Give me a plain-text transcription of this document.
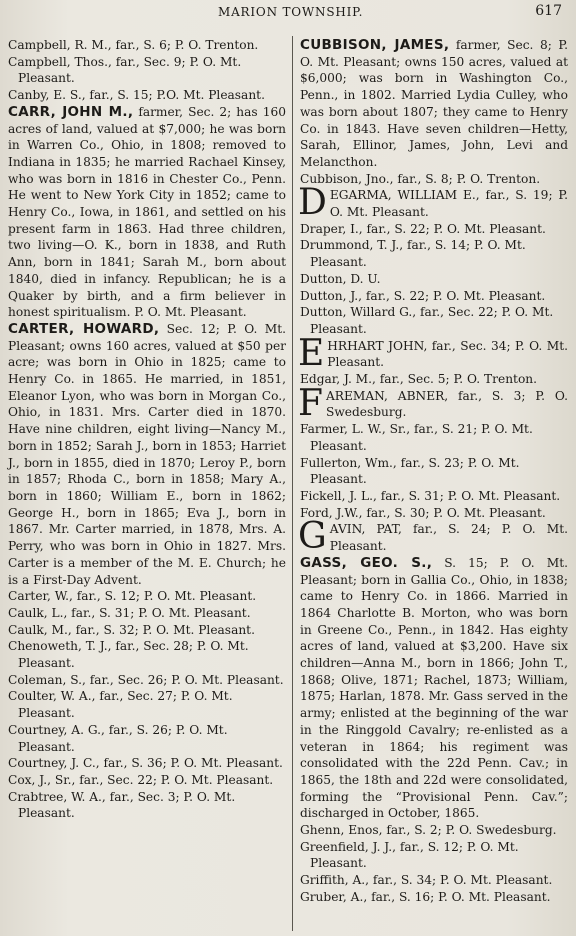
MARION TOWNSHIP.	617
Campbell, R. M., far., S. 6; P. O. Trenton.
Campbell, Thos., far., Sec. 9; P. O. Mt. Pleasant.
Canby, E. S., far., S. 15; P.O. Mt. Pleasant.
CARR, JOHN M., farmer, Sec. 2; has 160 acres of land, valued at $7,000; he was born in Warren Co., Ohio, in 1808; removed to Indiana in 1835; he married Rachael Kinsey, who was born in 1816 in Chester Co., Penn. He went to New York City in 1852; came to Henry Co., Iowa, in 1861, and settled on his present farm in 1863. Had three children, two living—O. K., born in 1838, and Ruth Ann, born in 1841; Sarah M., born about 1840, died in infancy. Republican; he is a Quaker by birth, and a firm believer in honest spiritualism. P. O. Mt. Pleasant.
CARTER, HOWARD, Sec. 12; P. O. Mt. Pleasant; owns 160 acres, valued at $50 per acre; was born in Ohio in 1825; came to Henry Co. in 1865. He married, in 1851, Eleanor Lyon, who was born in Morgan Co., Ohio, in 1831. Mrs. Carter died in 1870. Have nine children, eight living—Nancy M., born in 1852; Sarah J., born in 1853; Harriet J., born in 1855, died in 1870; Leroy P., born in 1857; Rhoda C., born in 1858; Mary A., born in 1860; William E., born in 1862; George H., born in 1865; Eva J., born in 1867. Mr. Carter married, in 1878, Mrs. A. Perry, who was born in Ohio in 1827. Mrs. Carter is a member of the M. E. Church; he is a First-Day Advent.
Carter, W., far., S. 12; P. O. Mt. Pleasant.
Caulk, L., far., S. 31; P. O. Mt. Pleasant.
Caulk, M., far., S. 32; P. O. Mt. Pleasant.
Chenoweth, T. J., far., Sec. 28; P. O. Mt. Pleasant.
Coleman, S., far., Sec. 26; P. O. Mt. Pleasant.
Coulter, W. A., far., Sec. 27; P. O. Mt. Pleasant.
Courtney, A. G., far., S. 26; P. O. Mt. Pleasant.
Courtney, J. C., far., S. 36; P. O. Mt. Pleasant.
Cox, J., Sr., far., Sec. 22; P. O. Mt. Pleasant.
Crabtree, W. A., far., Sec. 3; P. O. Mt. Pleasant.
CUBBISON, JAMES, farmer, Sec. 8; P. O. Mt. Pleasant; owns 150 acres, valued at $6,000; was born in Washington Co., Penn., in 1802. Married Lydia Culley, who was born about 1807; they came to Henry Co. in 1843. Have seven children—Hetty, Sarah, Ellinor, James, John, Levi and Melancthon.
Cubbison, Jno., far., S. 8; P. O. Trenton.
DEGARMA, WILLIAM E., far., S. 19; P. O. Mt. Pleasant.
Draper, I., far., S. 22; P. O. Mt. Pleasant.
Drummond, T. J., far., S. 14; P. O. Mt. Pleasant.
Dutton, D. U.
Dutton, J., far., S. 22; P. O. Mt. Pleasant.
Dutton, Willard G., far., Sec. 22; P. O. Mt. Pleasant.
EHRHART JOHN, far., Sec. 34; P. O. Mt. Pleasant.
Edgar, J. M., far., Sec. 5; P. O. Trenton.
FAREMAN, ABNER, far., S. 3; P. O. Swedesburg.
Farmer, L. W., Sr., far., S. 21; P. O. Mt. Pleasant.
Fullerton, Wm., far., S. 23; P. O. Mt. Pleasant.
Fickell, J. L., far., S. 31; P. O. Mt. Pleasant.
Ford, J.W., far., S. 30; P. O. Mt. Pleasant.
GAVIN, PAT, far., S. 24; P. O. Mt. Pleasant.
GASS, GEO. S., S. 15; P. O. Mt. Pleasant; born in Gallia Co., Ohio, in 1838; came to Henry Co. in 1866. Married in 1864 Charlotte B. Morton, who was born in Greene Co., Penn., in 1842. Has eighty acres of land, valued at $3,200. Have six children—Anna M., born in 1866; John T., 1868; Olive, 1871; Rachel, 1873; William, 1875; Harlan, 1878. Mr. Gass served in the army; enlisted at the beginning of the war in the Ringgold Cavalry; re-enlisted as a veteran in 1864; his regiment was consolidated with the 22d Penn. Cav.; in 1865, the 18th and 22d were consolidated, forming the “Provisional Penn. Cav.”; discharged in October, 1865.
Ghenn, Enos, far., S. 2; P. O. Swedesburg.
Greenfield, J. J., far., S. 12; P. O. Mt. Pleasant.
Griffith, A., far., S. 34; P. O. Mt. Pleasant.
Gruber, A., far., S. 16; P. O. Mt. Pleasant.
